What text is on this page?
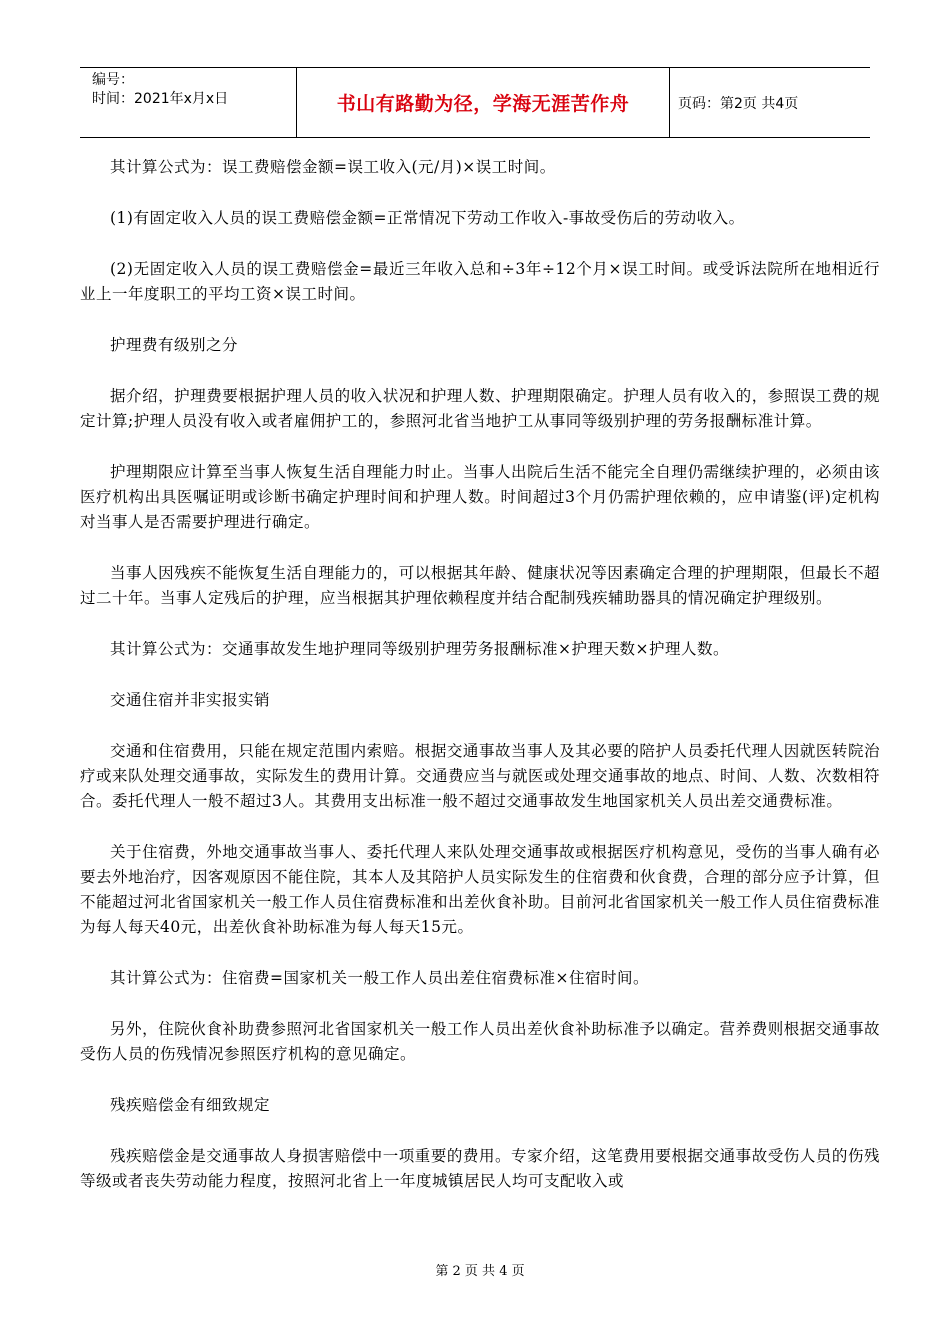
编号：
时间：2021年x月x日	书山有路勤为径，学海无涯苦作舟	页码：第2页 共4页

其计算公式为：误工费赔偿金额=误工收入(元/月)×误工时间。

(1)有固定收入人员的误工费赔偿金额=正常情况下劳动工作收入-事故受伤后的劳动收入。

(2)无固定收入人员的误工费赔偿金=最近三年收入总和÷3年÷12个月×误工时间。或受诉法院所在地相近行业上一年度职工的平均工资×误工时间。

护理费有级别之分

据介绍，护理费要根据护理人员的收入状况和护理人数、护理期限确定。护理人员有收入的，参照误工费的规定计算;护理人员没有收入或者雇佣护工的，参照河北省当地护工从事同等级别护理的劳务报酬标准计算。

护理期限应计算至当事人恢复生活自理能力时止。当事人出院后生活不能完全自理仍需继续护理的，必须由该医疗机构出具医嘱证明或诊断书确定护理时间和护理人数。时间超过3个月仍需护理依赖的，应申请鉴(评)定机构对当事人是否需要护理进行确定。

当事人因残疾不能恢复生活自理能力的，可以根据其年龄、健康状况等因素确定合理的护理期限，但最长不超过二十年。当事人定残后的护理，应当根据其护理依赖程度并结合配制残疾辅助器具的情况确定护理级别。

其计算公式为：交通事故发生地护理同等级别护理劳务报酬标准×护理天数×护理人数。

交通住宿并非实报实销

交通和住宿费用，只能在规定范围内索赔。根据交通事故当事人及其必要的陪护人员委托代理人因就医转院治疗或来队处理交通事故，实际发生的费用计算。交通费应当与就医或处理交通事故的地点、时间、人数、次数相符合。委托代理人一般不超过3人。其费用支出标准一般不超过交通事故发生地国家机关人员出差交通费标准。

关于住宿费，外地交通事故当事人、委托代理人来队处理交通事故或根据医疗机构意见，受伤的当事人确有必要去外地治疗，因客观原因不能住院，其本人及其陪护人员实际发生的住宿费和伙食费，合理的部分应予计算，但不能超过河北省国家机关一般工作人员住宿费标准和出差伙食补助。目前河北省国家机关一般工作人员住宿费标准为每人每天40元，出差伙食补助标准为每人每天15元。

其计算公式为：住宿费=国家机关一般工作人员出差住宿费标准×住宿时间。

另外，住院伙食补助费参照河北省国家机关一般工作人员出差伙食补助标准予以确定。营养费则根据交通事故受伤人员的伤残情况参照医疗机构的意见确定。

残疾赔偿金有细致规定

残疾赔偿金是交通事故人身损害赔偿中一项重要的费用。专家介绍，这笔费用要根据交通事故受伤人员的伤残等级或者丧失劳动能力程度，按照河北省上一年度城镇居民人均可支配收入或

第 2 页 共 4 页
